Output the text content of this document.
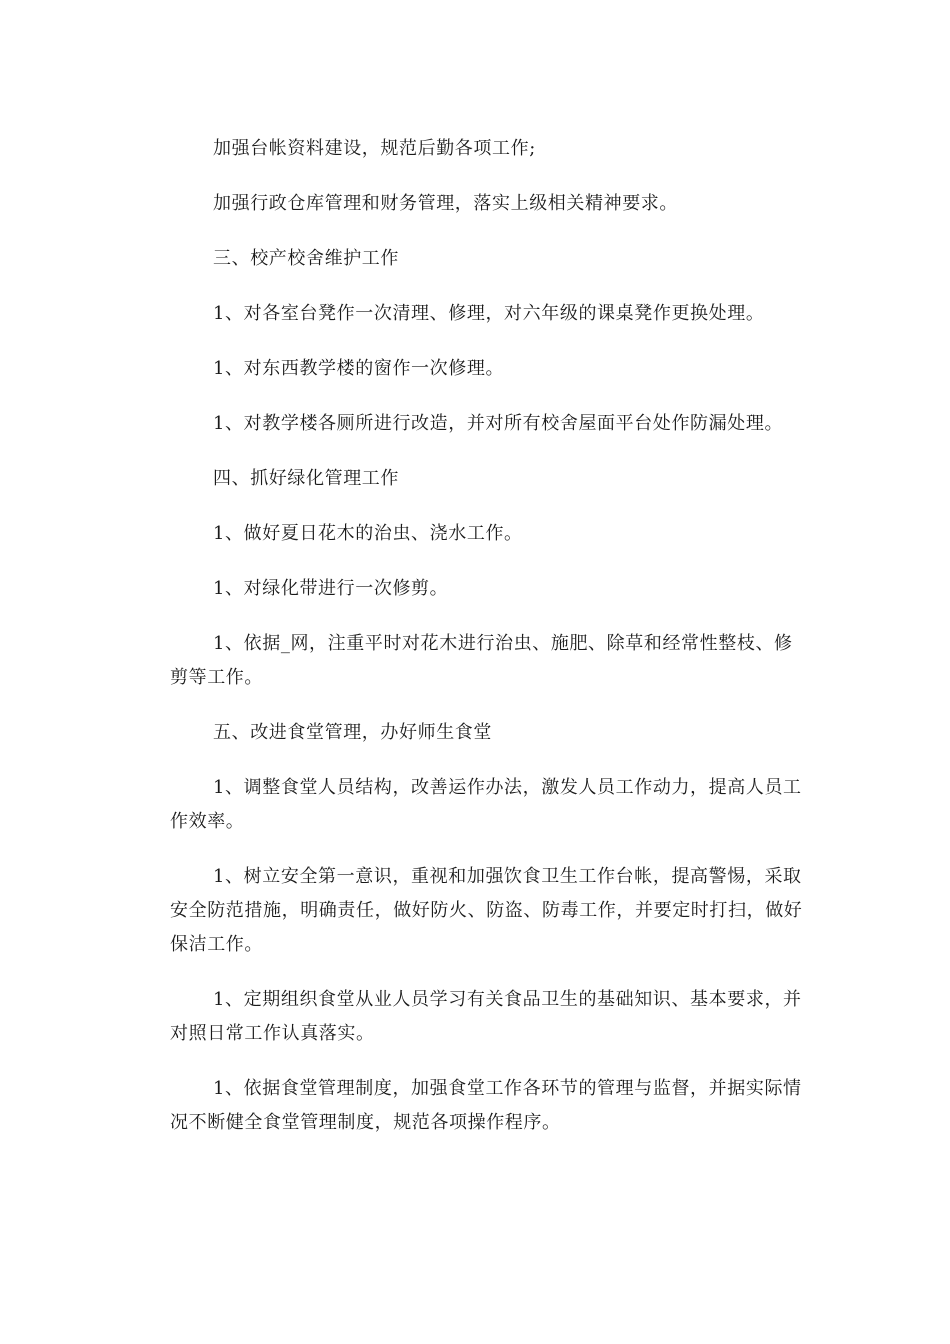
加强台帐资料建设，规范后勤各项工作;

加强行政仓库管理和财务管理，落实上级相关精神要求。

三、校产校舍维护工作

1、对各室台凳作一次清理、修理，对六年级的课桌凳作更换处理。

1、对东西教学楼的窗作一次修理。

1、对教学楼各厕所进行改造，并对所有校舍屋面平台处作防漏处理。

四、抓好绿化管理工作

1、做好夏日花木的治虫、浇水工作。

1、对绿化带进行一次修剪。

1、依据_网，注重平时对花木进行治虫、施肥、除草和经常性整枝、修剪等工作。

五、改进食堂管理，办好师生食堂

1、调整食堂人员结构，改善运作办法，激发人员工作动力，提高人员工作效率。

1、树立安全第一意识，重视和加强饮食卫生工作台帐，提高警惕，采取安全防范措施，明确责任，做好防火、防盗、防毒工作，并要定时打扫，做好保洁工作。

1、定期组织食堂从业人员学习有关食品卫生的基础知识、基本要求，并对照日常工作认真落实。

1、依据食堂管理制度，加强食堂工作各环节的管理与监督，并据实际情况不断健全食堂管理制度，规范各项操作程序。
